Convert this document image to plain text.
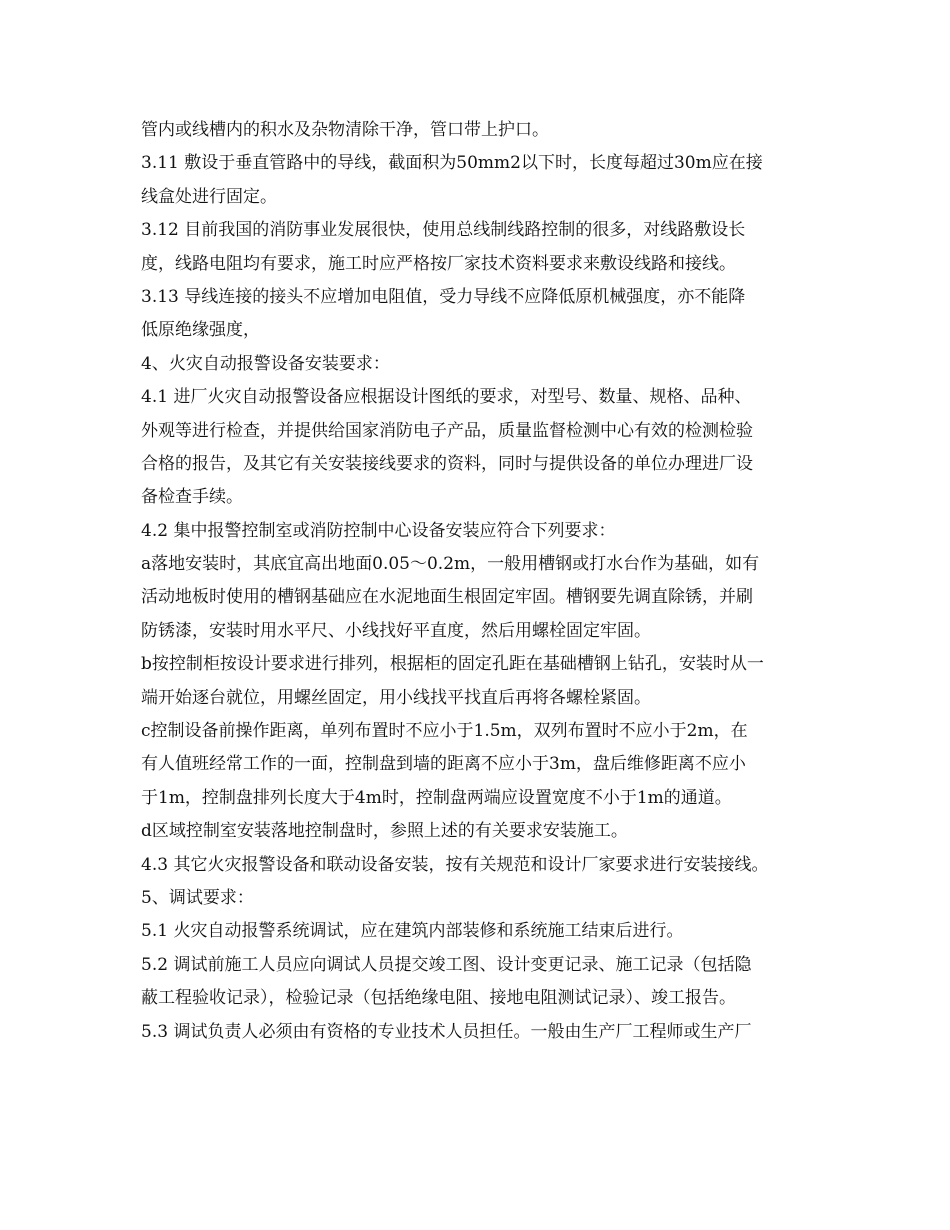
管内或线槽内的积水及杂物清除干净，管口带上护口。
3.11 敷设于垂直管路中的导线，截面积为50mm2以下时，长度每超过30m应在接
线盒处进行固定。
3.12 目前我国的消防事业发展很快，使用总线制线路控制的很多，对线路敷设长
度，线路电阻均有要求，施工时应严格按厂家技术资料要求来敷设线路和接线。
3.13 导线连接的接头不应增加电阻值，受力导线不应降低原机械强度，亦不能降
低原绝缘强度，
4、火灾自动报警设备安装要求：
4.1 进厂火灾自动报警设备应根据设计图纸的要求，对型号、数量、规格、品种、
外观等进行检查，并提供给国家消防电子产品，质量监督检测中心有效的检测检验
合格的报告，及其它有关安装接线要求的资料，同时与提供设备的单位办理进厂设
备检查手续。
4.2 集中报警控制室或消防控制中心设备安装应符合下列要求：
a落地安装时，其底宜高出地面0.05～0.2m，一般用槽钢或打水台作为基础，如有
活动地板时使用的槽钢基础应在水泥地面生根固定牢固。槽钢要先调直除锈，并刷
防锈漆，安装时用水平尺、小线找好平直度，然后用螺栓固定牢固。
b按控制柜按设计要求进行排列，根据柜的固定孔距在基础槽钢上钻孔，安装时从一
端开始逐台就位，用螺丝固定，用小线找平找直后再将各螺栓紧固。
c控制设备前操作距离，单列布置时不应小于1.5m，双列布置时不应小于2m，在
有人值班经常工作的一面，控制盘到墙的距离不应小于3m，盘后维修距离不应小
于1m，控制盘排列长度大于4m时，控制盘两端应设置宽度不小于1m的通道。
d区域控制室安装落地控制盘时，参照上述的有关要求安装施工。
4.3 其它火灾报警设备和联动设备安装，按有关规范和设计厂家要求进行安装接线。
5、调试要求：
5.1 火灾自动报警系统调试，应在建筑内部装修和系统施工结束后进行。
5.2 调试前施工人员应向调试人员提交竣工图、设计变更记录、施工记录（包括隐
蔽工程验收记录），检验记录（包括绝缘电阻、接地电阻测试记录）、竣工报告。
5.3 调试负责人必须由有资格的专业技术人员担任。一般由生产厂工程师或生产厂
